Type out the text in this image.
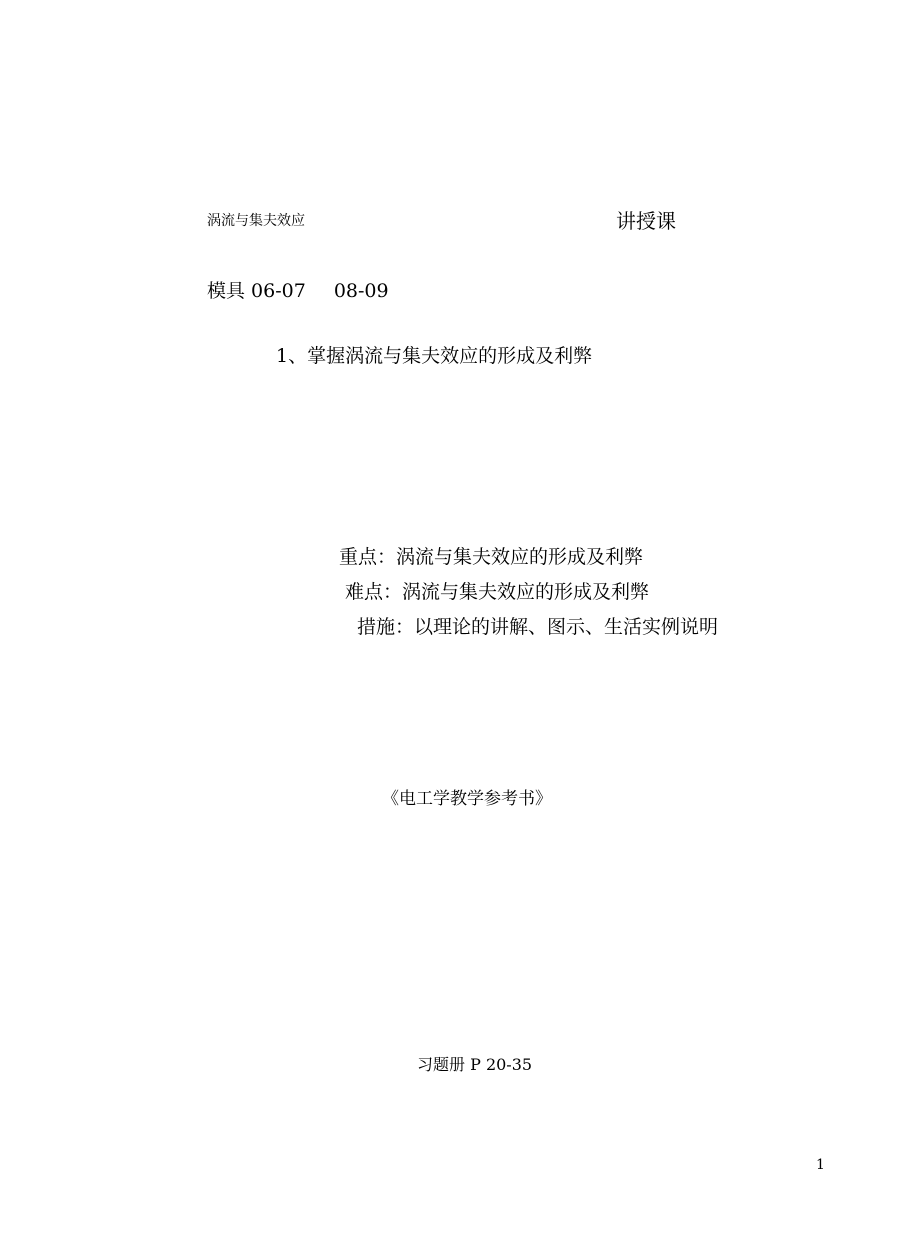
涡流与集夫效应	讲授课
模具 06-07 08-09
1、掌握涡流与集夫效应的形成及利弊
重点：涡流与集夫效应的形成及利弊
难点：涡流与集夫效应的形成及利弊
措施：以理论的讲解、图示、生活实例说明
《电工学教学参考书》
习题册 P 20-35
1
